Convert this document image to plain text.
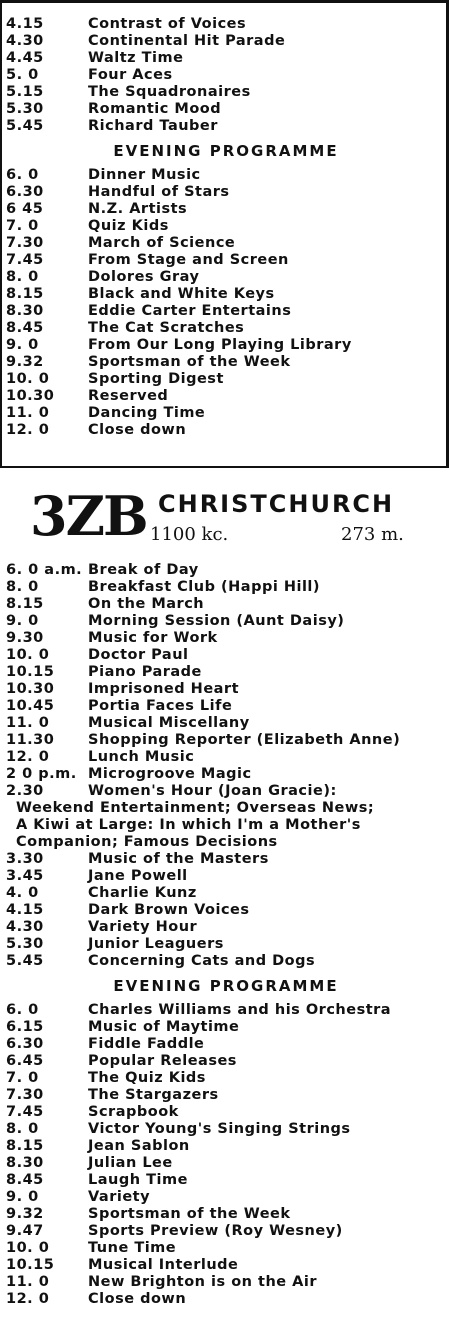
4.15	Contrast of Voices
4.30	Continental Hit Parade
4.45	Waltz Time
5. 0	Four Aces
5.15	The Squadronaires
5.30	Romantic Mood
5.45	Richard Tauber
EVENING PROGRAMME
6. 0	Dinner Music
6.30	Handful of Stars
6 45	N.Z. Artists
7. 0	Quiz Kids
7.30	March of Science
7.45	From Stage and Screen
8. 0	Dolores Gray
8.15	Black and White Keys
8.30	Eddie Carter Entertains
8.45	The Cat Scratches
9. 0	From Our Long Playing Library
9.32	Sportsman of the Week
10. 0	Sporting Digest
10.30	Reserved
11. 0	Dancing Time
12. 0	Close down
3ZB CHRISTCHURCH
1100 kc.	273 m.
6. 0 a.m. Break of Day
8. 0	Breakfast Club (Happi Hill)
8.15	On the March
9. 0	Morning Session (Aunt Daisy)
9.30	Music for Work
10. 0	Doctor Paul
10.15	Piano Parade
10.30	Imprisoned Heart
10.45	Portia Faces Life
11. 0	Musical Miscellany
11.30	Shopping Reporter (Elizabeth Anne)
12. 0	Lunch Music
2 0 p.m. Microgroove Magic
2.30	Women's Hour (Joan Gracie):
Weekend Entertainment; Overseas News;
A Kiwi at Large: In which I'm a Mother's
Companion; Famous Decisions
3.30	Music of the Masters
3.45	Jane Powell
4. 0	Charlie Kunz
4.15	Dark Brown Voices
4.30	Variety Hour
5.30	Junior Leaguers
5.45	Concerning Cats and Dogs
EVENING PROGRAMME
6. 0	Charles Williams and his Orchestra
6.15	Music of Maytime
6.30	Fiddle Faddle
6.45	Popular Releases
7. 0	The Quiz Kids
7.30	The Stargazers
7.45	Scrapbook
8. 0	Victor Young's Singing Strings
8.15	Jean Sablon
8.30	Julian Lee
8.45	Laugh Time
9. 0	Variety
9.32	Sportsman of the Week
9.47	Sports Preview (Roy Wesney)
10. 0	Tune Time
10.15	Musical Interlude
11. 0	New Brighton is on the Air
12. 0	Close down
